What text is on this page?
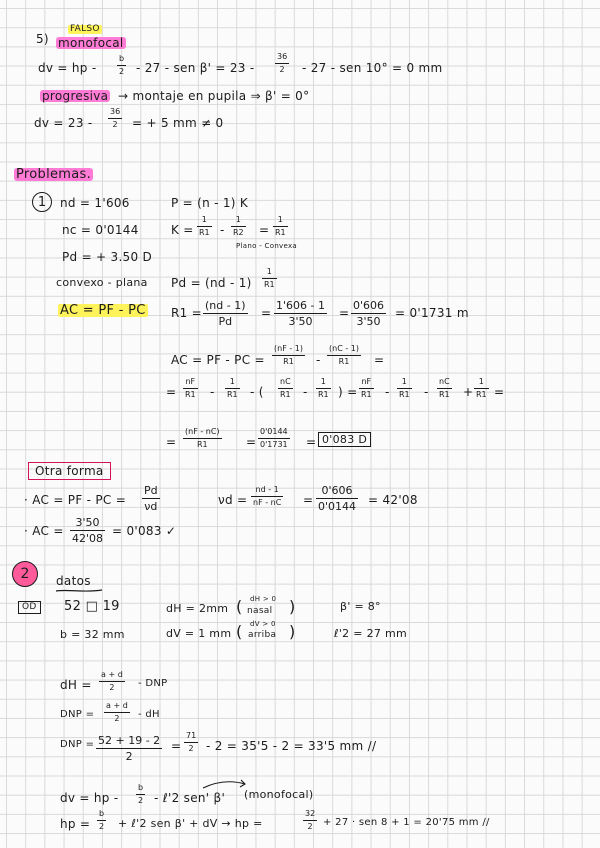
5)
FALSO
monofocal
dv = hp -	$\frac{b}{2} - 27$ - sen β' = 23 -	$\frac{36}{2} - 27$ - sen 10° = 0 mm
progresiva → montaje en pupila ⇒ β' = 0°
dv = $23 - \frac{36}{2}$ = + 5 mm ≠ 0
Problemas.
1	nd = 1'606
nc = 0'0144
Pd = + 3.50 D
convexo - plana
AC = PF - PC
P = (n - 1) K
$K = \frac{1}{R1} - \frac{1}{R2} = \frac{1}{R1}$
Plano - Convexa
$Pd = (nd - 1) \frac{1}{R1}$
$R1 = \frac{(nd - 1)}{Pd} = \frac{1'606 - 1}{3'50} = \frac{0'606}{3'50} = 0'1731$ m
AC = PF - PC = $\frac{(nF - 1)}{R1} - \frac{(nC - 1)}{R1}$ =
= $\frac{nF}{R1} - \frac{1}{R1}$ - ( $\frac{nC}{R1} - \frac{1}{R1}$ ) = $\frac{nF}{R1} - \frac{1}{R1} - \frac{nC}{R1} + \frac{1}{R1}$ =
= $\frac{(nF - nC)}{R1} = \frac{0'0144}{0'1731} = 0'083$ D
Otra forma
· AC = PF - PC = $\frac{Pd}{\nu d}$	$\nu d = \frac{nd - 1}{nF - nC} = \frac{0'606}{0'0144} = 42'08$
· AC = $\frac{3'50}{42'08} = 0'083$ ✓
2	datos
OD	52 □ 19
b = 32 mm
dH = 2mm ( dH > 0
nasal )
dV = 1 mm ( dV > 0
arriba )
β' = 8°
ℓ'2 = 27 mm
dH = $\frac{a + d}{2}$ - DNP
DNP = $\frac{a + d}{2}$ - dH
DNP = $\frac{52 + 19 - 2}{2} = \frac{71}{2} - 2 = 35'5 - 2 = 33'5$ mm //
dv = hp - $\frac{b}{2}$ - ℓ'2 sen' β' (monofocal)
hp = $\frac{b}{2}$ + ℓ'2 sen β' + dV → hp =	$\frac{32}{2} + 27$ · sen 8 + 1 = 20'75 mm //
